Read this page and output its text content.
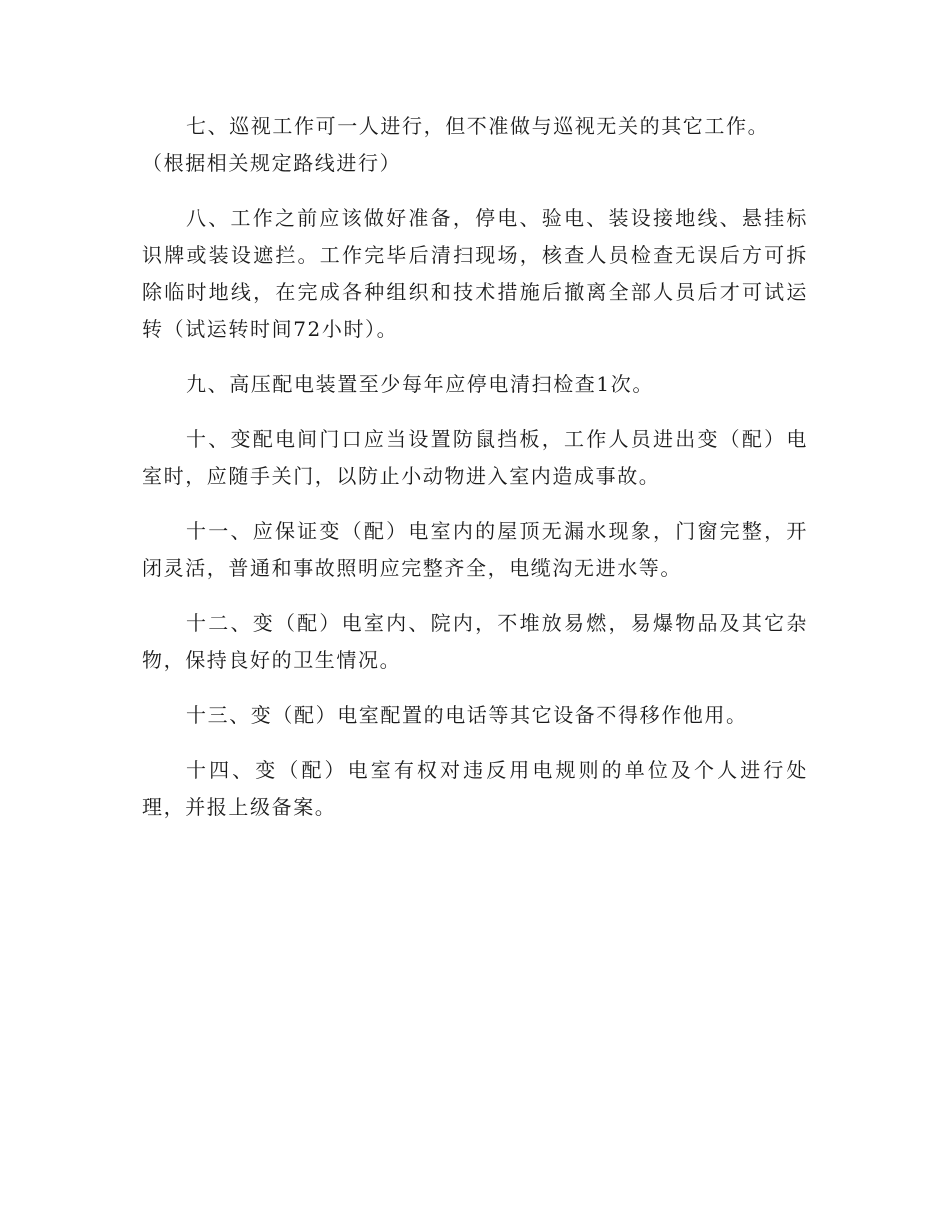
七、巡视工作可一人进行，但不准做与巡视无关的其它工作。
（根据相关规定路线进行）

八、工作之前应该做好准备，停电、验电、装设接地线、悬挂标识牌或装设遮拦。工作完毕后清扫现场，核查人员检查无误后方可拆除临时地线，在完成各种组织和技术措施后撤离全部人员后才可试运转（试运转时间72小时）。

九、高压配电装置至少每年应停电清扫检查1次。

十、变配电间门口应当设置防鼠挡板，工作人员进出变（配）电室时，应随手关门，以防止小动物进入室内造成事故。

十一、应保证变（配）电室内的屋顶无漏水现象，门窗完整，开闭灵活，普通和事故照明应完整齐全，电缆沟无进水等。

十二、变（配）电室内、院内，不堆放易燃，易爆物品及其它杂物，保持良好的卫生情况。

十三、变（配）电室配置的电话等其它设备不得移作他用。

十四、变（配）电室有权对违反用电规则的单位及个人进行处理，并报上级备案。
